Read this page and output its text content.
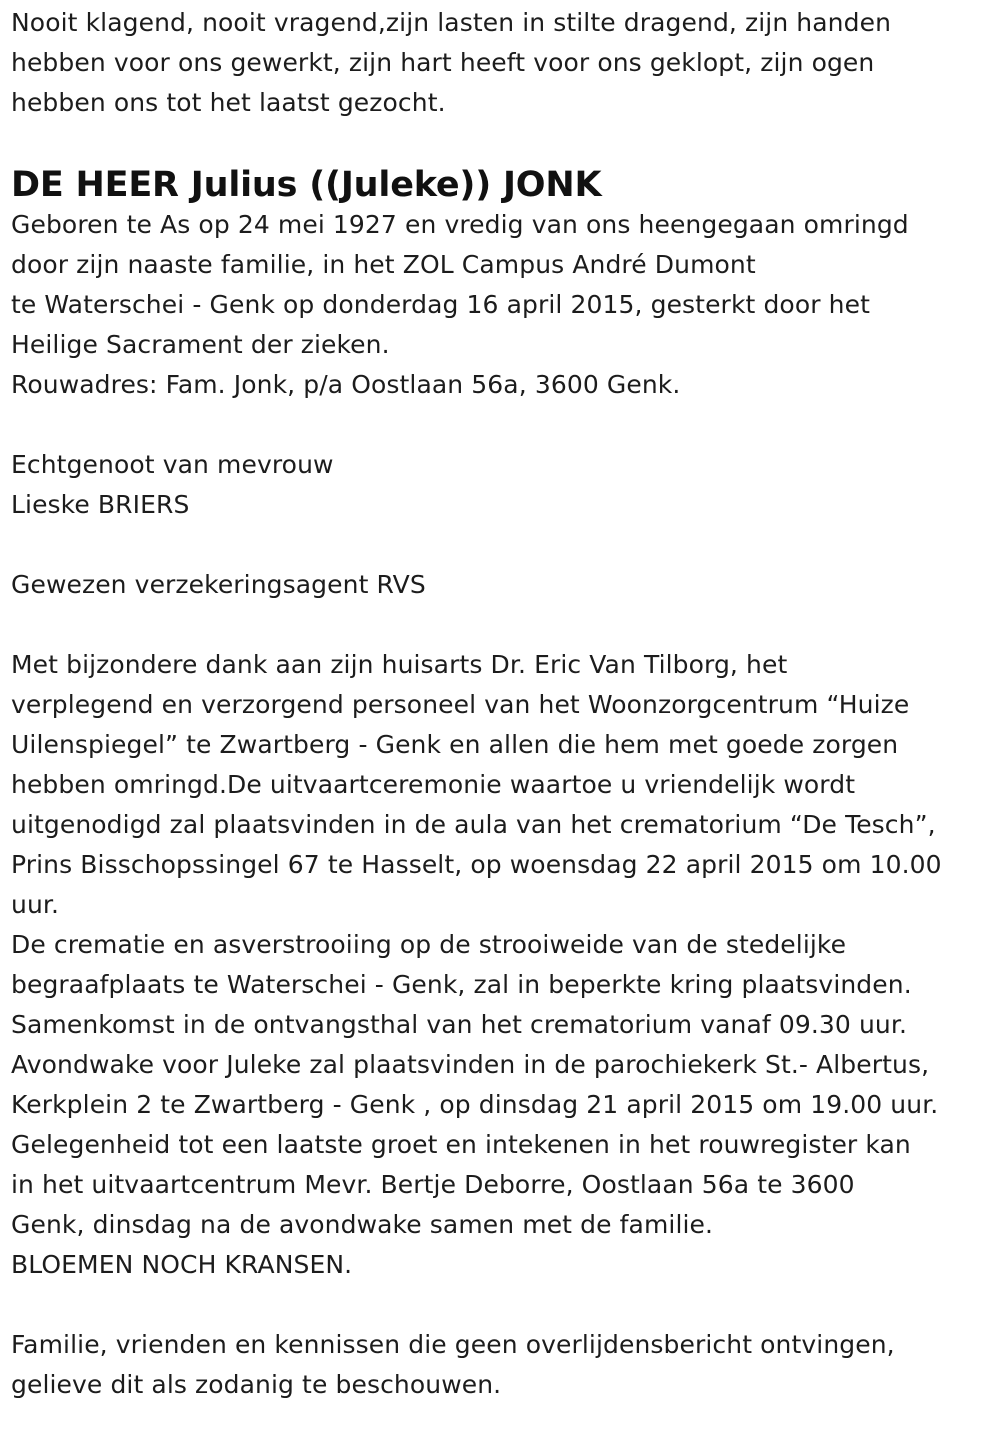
Nooit klagend, nooit vragend,zijn lasten in stilte dragend, zijn handen
hebben voor ons gewerkt, zijn hart heeft voor ons geklopt, zijn ogen
hebben ons tot het laatst gezocht.
DE HEER Julius ((Juleke)) JONK
Geboren te As op 24 mei 1927 en vredig van ons heengegaan omringd
door zijn naaste familie, in het ZOL Campus André Dumont
te Waterschei - Genk op donderdag 16 april 2015, gesterkt door het
Heilige Sacrament der zieken.
Rouwadres: Fam. Jonk, p/a Oostlaan 56a, 3600 Genk.
Echtgenoot van mevrouw
Lieske BRIERS
Gewezen verzekeringsagent RVS
Met bijzondere dank aan zijn huisarts Dr. Eric Van Tilborg, het
verplegend en verzorgend personeel van het Woonzorgcentrum “Huize
Uilenspiegel” te Zwartberg - Genk en allen die hem met goede zorgen
hebben omringd.De uitvaartceremonie waartoe u vriendelijk wordt
uitgenodigd zal plaatsvinden in de aula van het crematorium “De Tesch”,
Prins Bisschopssingel 67 te Hasselt, op woensdag 22 april 2015 om 10.00
uur.
De crematie en asverstrooiing op de strooiweide van de stedelijke
begraafplaats te Waterschei - Genk, zal in beperkte kring plaatsvinden.
Samenkomst in de ontvangsthal van het crematorium vanaf 09.30 uur.
Avondwake voor Juleke zal plaatsvinden in de parochiekerk St.- Albertus,
Kerkplein 2 te Zwartberg - Genk , op dinsdag 21 april 2015 om 19.00 uur.
Gelegenheid tot een laatste groet en intekenen in het rouwregister kan
in het uitvaartcentrum Mevr. Bertje Deborre, Oostlaan 56a te 3600
Genk, dinsdag na de avondwake samen met de familie.
BLOEMEN NOCH KRANSEN.
Familie, vrienden en kennissen die geen overlijdensbericht ontvingen,
gelieve dit als zodanig te beschouwen.
